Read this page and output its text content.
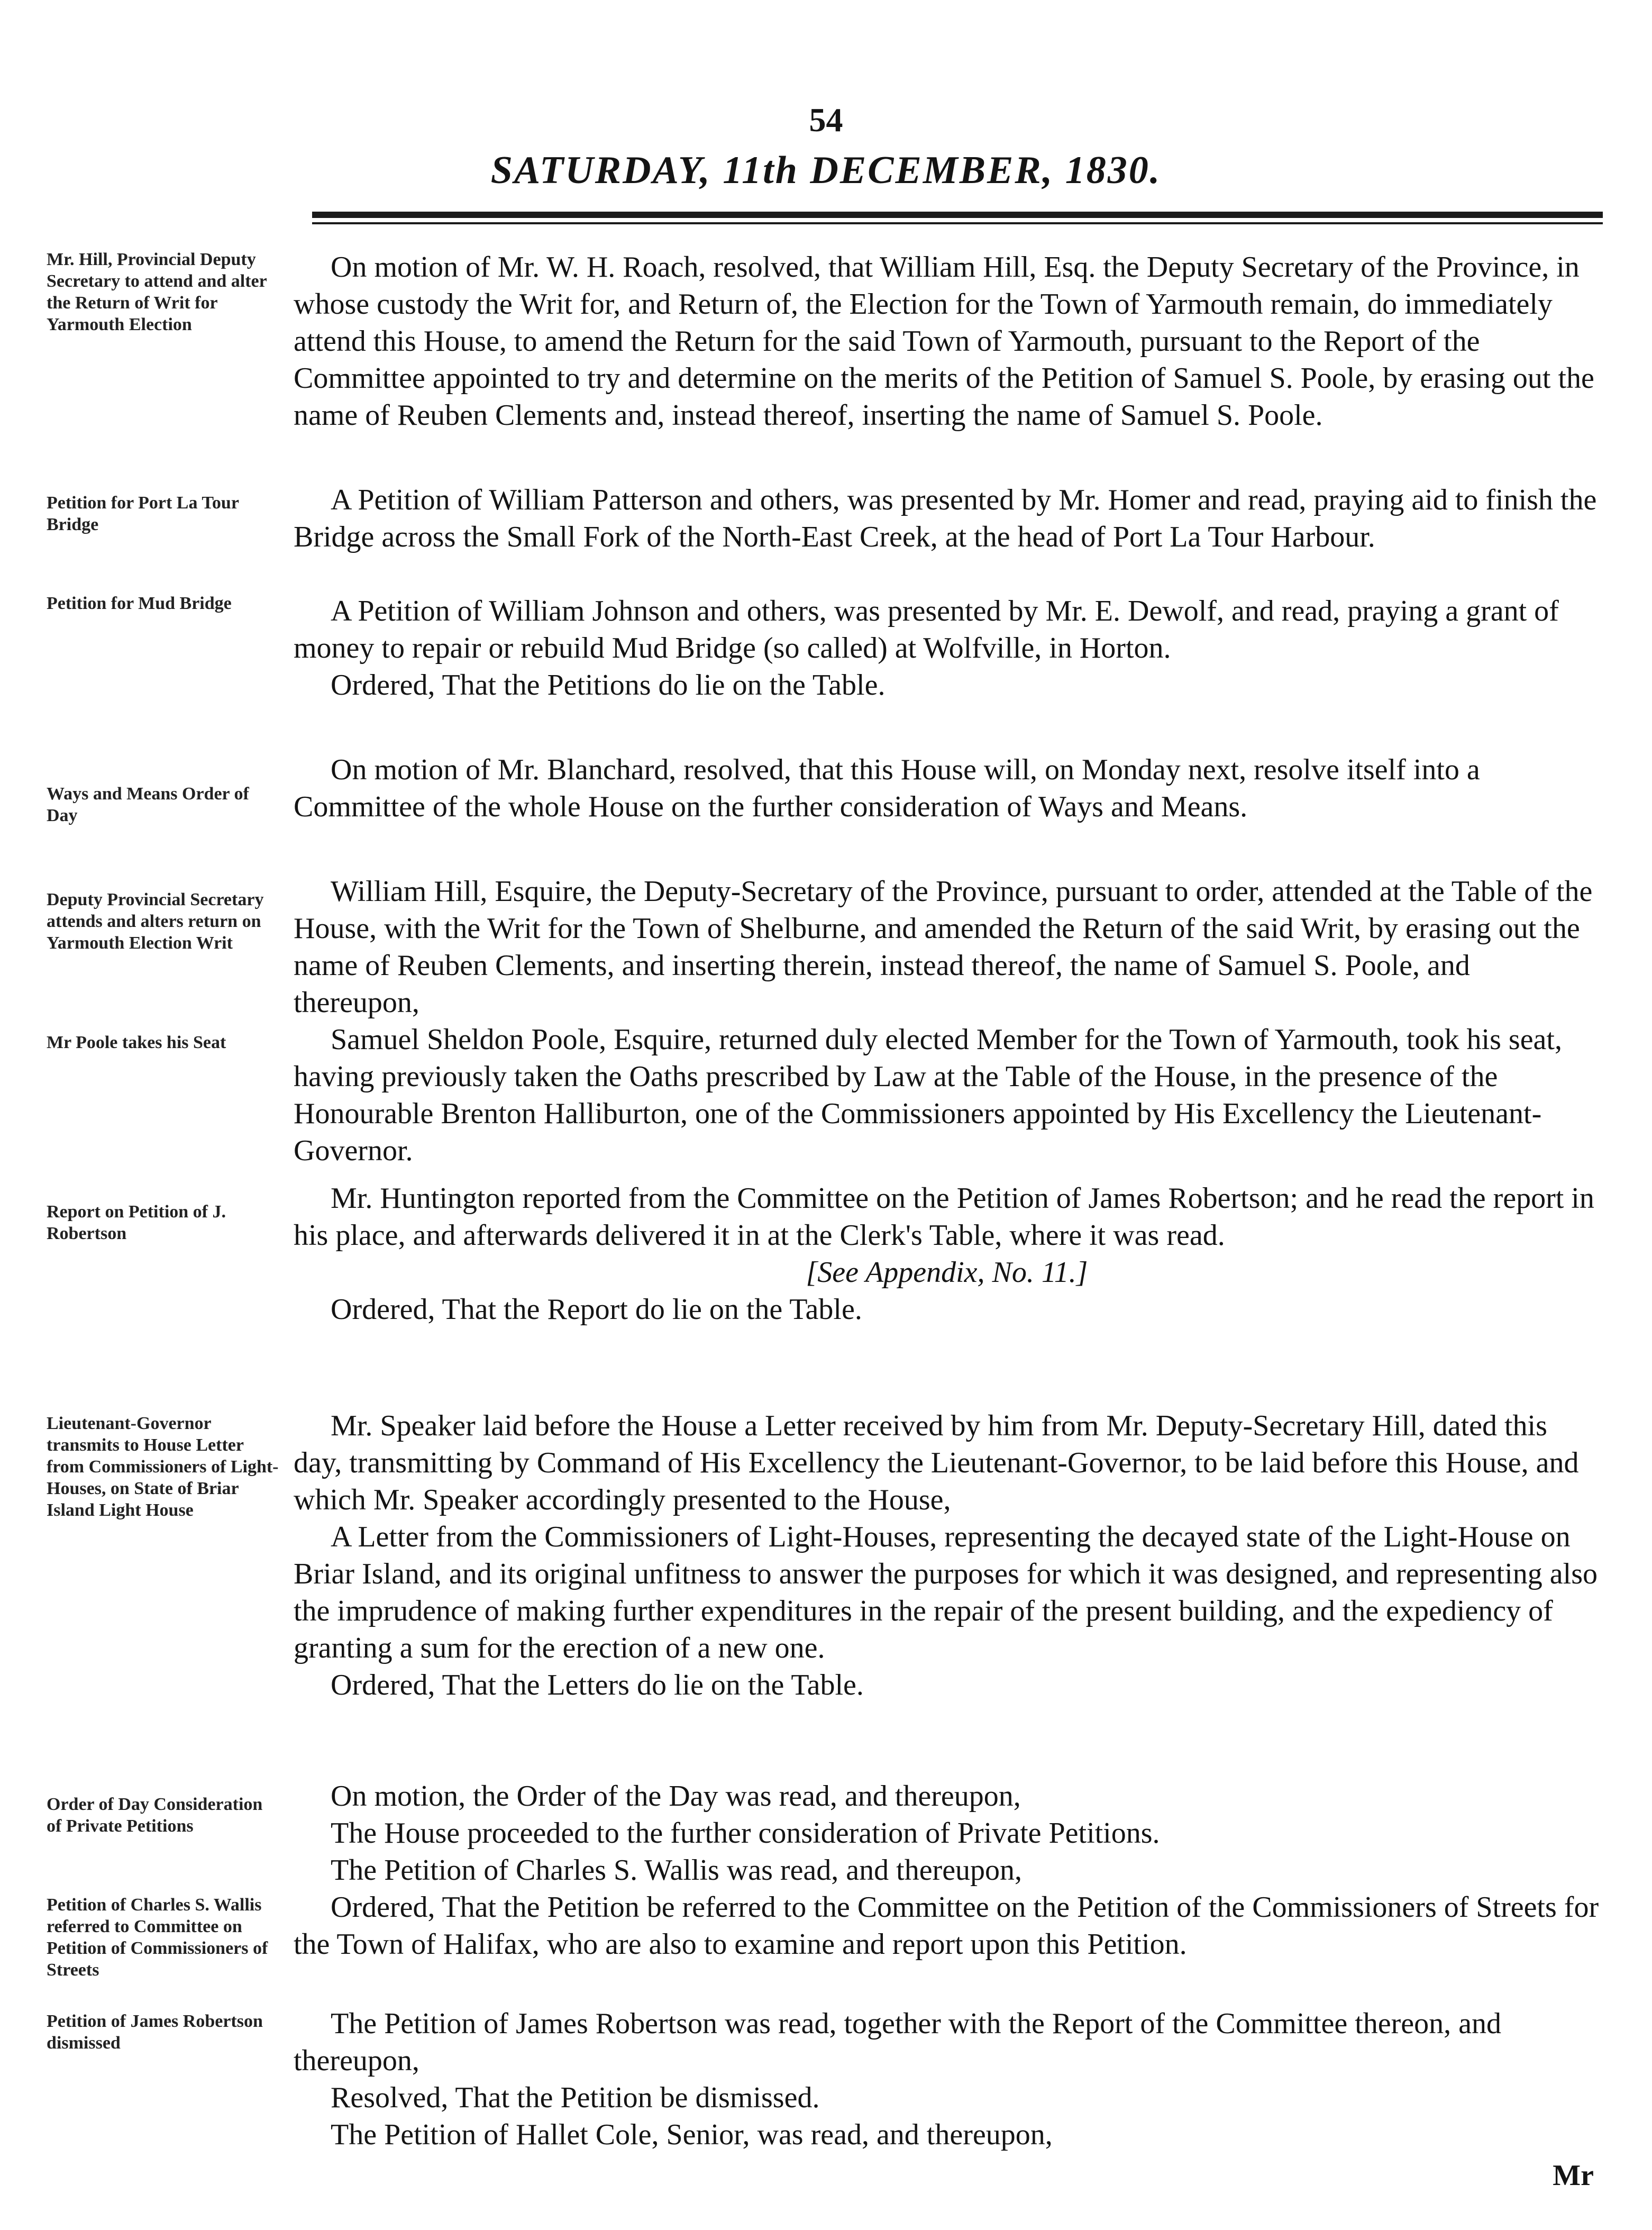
54
SATURDAY, 11th DECEMBER, 1830.
Mr. Hill, Provincial Deputy Secretary to attend and alter the Return of Writ for Yarmouth Election

On motion of Mr. W. H. Roach, resolved, that William Hill, Esq. the Deputy Secretary of the Province, in whose custody the Writ for, and Return of, the Election for the Town of Yarmouth remain, do immediately attend this House, to amend the Return for the said Town of Yarmouth, pursuant to the Report of the Committee appointed to try and determine on the merits of the Petition of Samuel S. Poole, by erasing out the name of Reuben Clements and, instead thereof, inserting the name of Samuel S. Poole.

Petition for Port La Tour Bridge

A Petition of William Patterson and others, was presented by Mr. Homer and read, praying aid to finish the Bridge across the Small Fork of the North-East Creek, at the head of Port La Tour Harbour.

Petition for Mud Bridge	A Petition of William Johnson and others, was presented by Mr. E. Dewolf, and read, praying a grant of money to repair or rebuild Mud Bridge (so called) at Wolfville, in Horton.

Ordered, That the Petitions do lie on the Table.

Ways and Means Order of Day

On motion of Mr. Blanchard, resolved, that this House will, on Monday next, resolve itself into a Committee of the whole House on the further consideration of Ways and Means.

Deputy Provincial Secretary attends and alters return on Yarmouth Election Writ

William Hill, Esquire, the Deputy-Secretary of the Province, pursuant to order, attended at the Table of the House, with the Writ for the Town of Shelburne, and amended the Return of the said Writ, by erasing out the name of Reuben Clements, and inserting therein, instead thereof, the name of Samuel S. Poole, and thereupon,

Mr Poole takes his Seat	Samuel Sheldon Poole, Esquire, returned duly elected Member for the Town of Yarmouth, took his seat, having previously taken the Oaths prescribed by Law at the Table of the House, in the presence of the Honourable Brenton Halliburton, one of the Commissioners appointed by His Excellency the Lieutenant-Governor.

Report on Petition of J. Robertson

Mr. Huntington reported from the Committee on the Petition of James Robertson; and he read the report in his place, and afterwards delivered it in at the Clerk's Table, where it was read.

[See Appendix, No. 11.]

Ordered, That the Report do lie on the Table.

Lieutenant-Governor transmits to House Letter from Commissioners of Light-Houses, on State of Briar Island Light House

Mr. Speaker laid before the House a Letter received by him from Mr. Deputy-Secretary Hill, dated this day, transmitting by Command of His Excellency the Lieutenant-Governor, to be laid before this House, and which Mr. Speaker accordingly presented to the House,

A Letter from the Commissioners of Light-Houses, representing the decayed state of the Light-House on Briar Island, and its original unfitness to answer the purposes for which it was designed, and representing also the imprudence of making further expenditures in the repair of the present building, and the expediency of granting a sum for the erection of a new one.

Ordered, That the Letters do lie on the Table.

Order of Day Consideration of Private Petitions

On motion, the Order of the Day was read, and thereupon,

The House proceeded to the further consideration of Private Petitions.

The Petition of Charles S. Wallis was read, and thereupon,

Petition of Charles S. Wallis referred to Committee on Petition of Commissioners of Streets

Ordered, That the Petition be referred to the Committee on the Petition of the Commissioners of Streets for the Town of Halifax, who are also to examine and report upon this Petition.

Petition of James Robertson dismissed

The Petition of James Robertson was read, together with the Report of the Committee thereon, and thereupon,

Resolved, That the Petition be dismissed.

The Petition of Hallet Cole, Senior, was read, and thereupon,

Mr
